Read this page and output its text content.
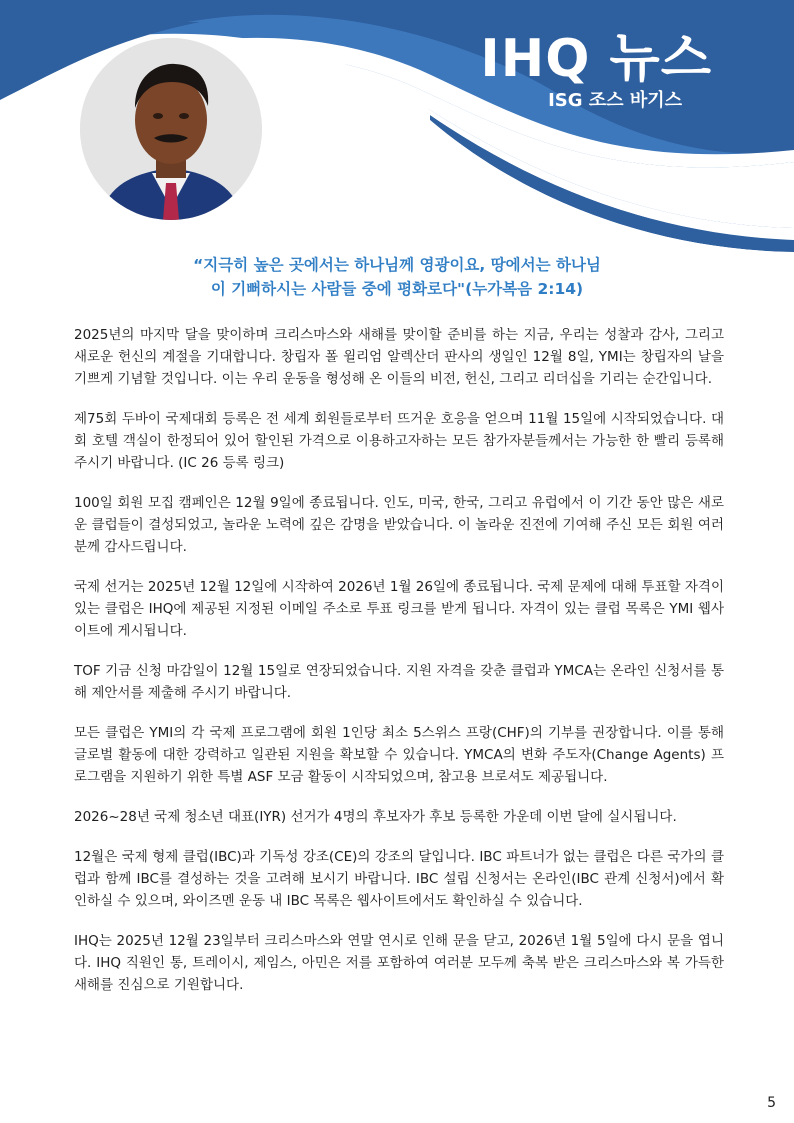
IHQ 뉴스
ISG 조스 바기스
“지극히 높은 곳에서는 하나님께 영광이요, 땅에서는 하나님
이 기뻐하시는 사람들 중에 평화로다"(누가복음 2:14)

2025년의 마지막 달을 맞이하며 크리스마스와 새해를 맞이할 준비를 하는 지금, 우리는 성찰과 감사, 그리고 새로운 헌신의 계절을 기대합니다. 창립자 폴 윌리엄 알렉산더 판사의 생일인 12월 8일, YMI는 창립자의 날을 기쁘게 기념할 것입니다. 이는 우리 운동을 형성해 온 이들의 비전, 헌신, 그리고 리더십을 기리는 순간입니다.

제75회 두바이 국제대회 등록은 전 세계 회원들로부터 뜨거운 호응을 얻으며 11월 15일에 시작되었습니다. 대회 호텔 객실이 한정되어 있어 할인된 가격으로 이용하고자하는 모든 참가자분들께서는 가능한 한 빨리 등록해 주시기 바랍니다. (IC 26 등록 링크)

100일 회원 모집 캠페인은 12월 9일에 종료됩니다. 인도, 미국, 한국, 그리고 유럽에서 이 기간 동안 많은 새로운 클럽들이 결성되었고, 놀라운 노력에 깊은 감명을 받았습니다. 이 놀라운 진전에 기여해 주신 모든 회원 여러분께 감사드립니다.

국제 선거는 2025년 12월 12일에 시작하여 2026년 1월 26일에 종료됩니다. 국제 문제에 대해 투표할 자격이 있는 클럽은 IHQ에 제공된 지정된 이메일 주소로 투표 링크를 받게 됩니다. 자격이 있는 클럽 목록은 YMI 웹사이트에 게시됩니다.

TOF 기금 신청 마감일이 12월 15일로 연장되었습니다. 지원 자격을 갖춘 클럽과 YMCA는 온라인 신청서를 통해 제안서를 제출해 주시기 바랍니다.

모든 클럽은 YMI의 각 국제 프로그램에 회원 1인당 최소 5스위스 프랑(CHF)의 기부를 권장합니다. 이를 통해 글로벌 활동에 대한 강력하고 일관된 지원을 확보할 수 있습니다. YMCA의 변화 주도자(Change Agents) 프로그램을 지원하기 위한 특별 ASF 모금 활동이 시작되었으며, 참고용 브로셔도 제공됩니다.

2026~28년 국제 청소년 대표(IYR) 선거가 4명의 후보자가 후보 등록한 가운데 이번 달에 실시됩니다.

12월은 국제 형제 클럽(IBC)과 기독성 강조(CE)의 강조의 달입니다. IBC 파트너가 없는 클럽은 다른 국가의 클럽과 함께 IBC를 결성하는 것을 고려해 보시기 바랍니다. IBC 설립 신청서는 온라인(IBC 관계 신청서)에서 확인하실 수 있으며, 와이즈멘 운동 내 IBC 목록은 웹사이트에서도 확인하실 수 있습니다.

IHQ는 2025년 12월 23일부터 크리스마스와 연말 연시로 인해 문을 닫고, 2026년 1월 5일에 다시 문을 엽니다. IHQ 직원인 통, 트레이시, 제임스, 아민은 저를 포함하여 여러분 모두께 축복 받은 크리스마스와 복 가득한 새해를 진심으로 기원합니다.

5
